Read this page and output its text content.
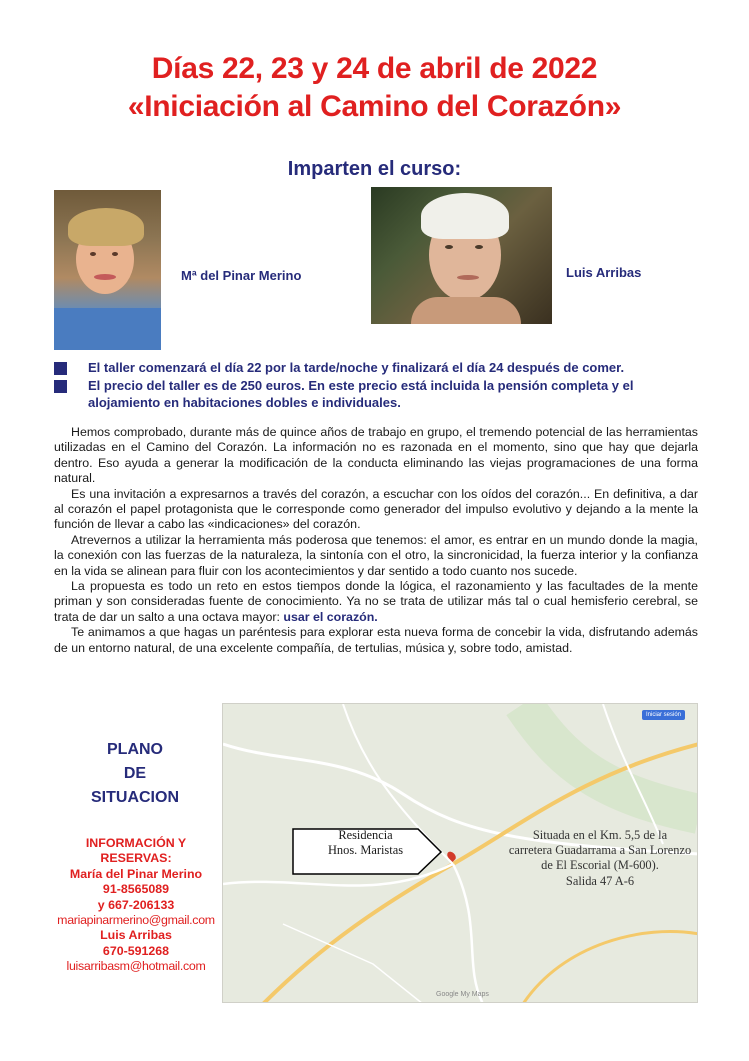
Días 22, 23 y 24 de abril de 2022
«Iniciación al Camino del Corazón»
Imparten el curso:
Mª del Pinar Merino	Luis Arribas
El taller comenzará el día 22 por la tarde/noche y finalizará el día 24 después de comer.
El precio del taller es de 250 euros. En este precio está incluida la pensión completa y el alojamiento en habitaciones dobles e individuales.

Hemos comprobado, durante más de quince años de trabajo en grupo, el tremendo potencial de las herramientas utilizadas en el Camino del Corazón. La información no es razonada en el momento, sino que hay que dejarla dentro. Eso ayuda a generar la modificación de la conducta eliminando las viejas programaciones de una forma natural.

Es una invitación a expresarnos a través del corazón, a escuchar con los oídos del corazón... En definitiva, a dar al corazón el papel protagonista que le corresponde como generador del impulso evolutivo y dejando a la mente la función de llevar a cabo las «indicaciones» del corazón.

Atrevernos a utilizar la herramienta más poderosa que tenemos: el amor, es entrar en un mundo donde la magia, la conexión con las fuerzas de la naturaleza, la sintonía con el otro, la sincronicidad, la fuerza interior y la confianza en la vida se alinean para fluir con los acontecimientos y dar sentido a todo cuanto nos sucede.

La propuesta es todo un reto en estos tiempos donde la lógica, el razonamiento y las facultades de la mente priman y son consideradas fuente de conocimiento. Ya no se trata de utilizar más tal o cual hemisferio cerebral, se trata de dar un salto a una octava mayor: usar el corazón.

Te animamos a que hagas un paréntesis para explorar esta nueva forma de concebir la vida, disfrutando además de un entorno natural, de una excelente compañía, de tertulias, música y, sobre todo, amistad.

PLANO
DE
SITUACION
INFORMACIÓN Y
RESERVAS:
María del Pinar Merino
91-8565089
y 667-206133
mariapinarmerino@gmail.com
Luis Arribas
670-591268
luisarribasm@hotmail.com
Iniciar sesión
Residencia
Hnos. Maristas
Situada en el Km. 5,5 de la
carretera Guadarrama a San Lorenzo
de El Escorial (M-600).
Salida 47 A-6
Google My Maps
